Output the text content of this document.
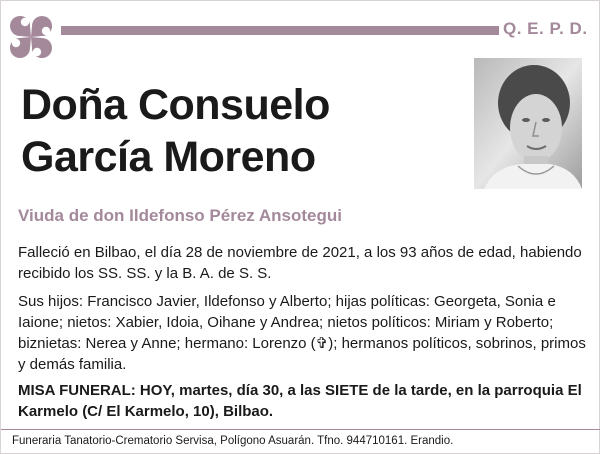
Q. E. P. D.
Doña Consuelo
García Moreno
Viuda de don Ildefonso Pérez Ansotegui

Falleció en Bilbao, el día 28 de noviembre de 2021, a los 93 años de edad, habiendo recibido los SS. SS. y la B. A. de S. S.

Sus hijos: Francisco Javier, Ildefonso y Alberto; hijas políticas: Georgeta, Sonia e Iaione; nietos: Xabier, Idoia, Oihane y Andrea; nietos políticos: Miriam y Roberto; biznietas: Nerea y Anne; hermano: Lorenzo (✞); hermanos políticos, sobrinos, primos y demás familia.

MISA FUNERAL: HOY, martes, día 30, a las SIETE de la tarde, en la parroquia El Karmelo (C/ El Karmelo, 10), Bilbao.

Funeraria Tanatorio-Crematorio Servisa, Polígono Asuarán. Tfno. 944710161. Erandio.
